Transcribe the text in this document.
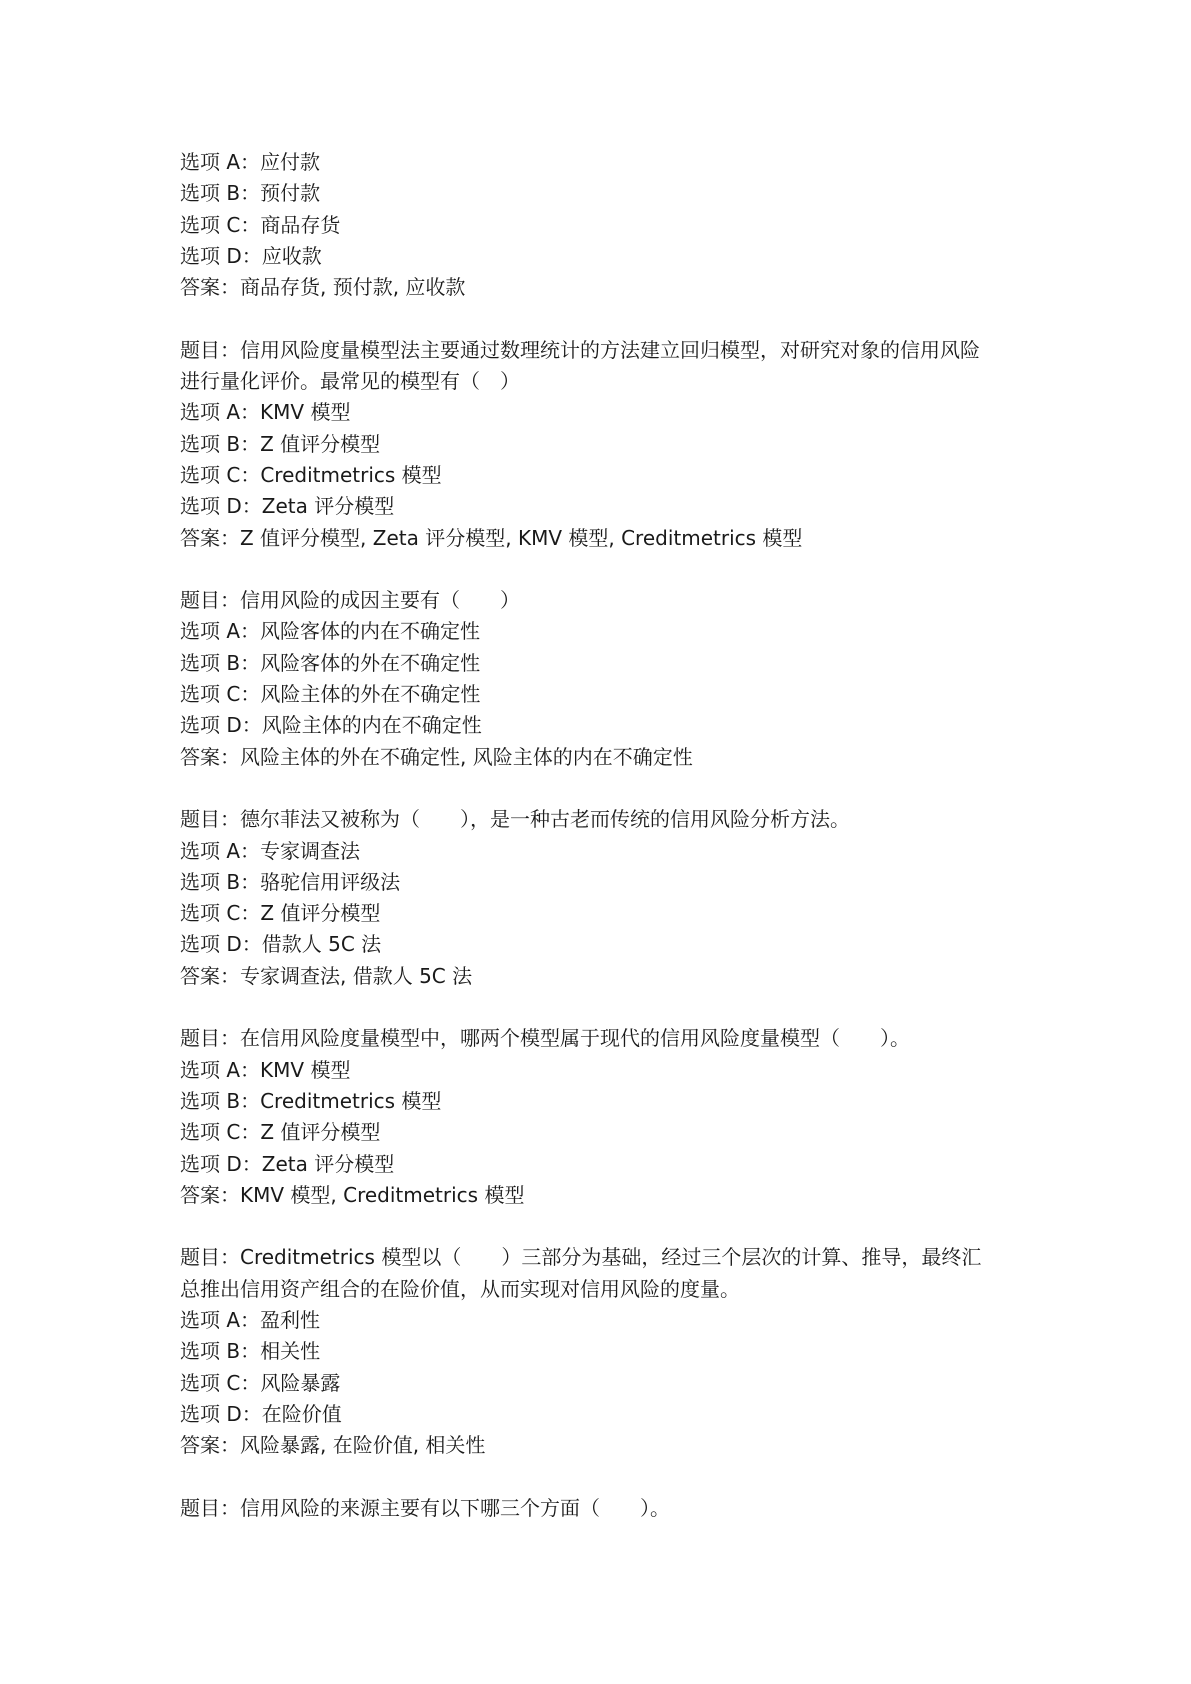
选项 A：应付款
选项 B：预付款
选项 C：商品存货
选项 D：应收款
答案：商品存货, 预付款, 应收款
题目：信用风险度量模型法主要通过数理统计的方法建立回归模型，对研究对象的信用风险
进行量化评价。最常见的模型有（　）
选项 A：KMV 模型
选项 B：Z 值评分模型
选项 C：Creditmetrics 模型
选项 D：Zeta 评分模型
答案：Z 值评分模型, Zeta 评分模型, KMV 模型, Creditmetrics 模型
题目：信用风险的成因主要有（　　）
选项 A：风险客体的内在不确定性
选项 B：风险客体的外在不确定性
选项 C：风险主体的外在不确定性
选项 D：风险主体的内在不确定性
答案：风险主体的外在不确定性, 风险主体的内在不确定性
题目：德尔菲法又被称为（　　），是一种古老而传统的信用风险分析方法。
选项 A：专家调查法
选项 B：骆驼信用评级法
选项 C：Z 值评分模型
选项 D：借款人 5C 法
答案：专家调查法, 借款人 5C 法
题目：在信用风险度量模型中，哪两个模型属于现代的信用风险度量模型（　　）。
选项 A：KMV 模型
选项 B：Creditmetrics 模型
选项 C：Z 值评分模型
选项 D：Zeta 评分模型
答案：KMV 模型, Creditmetrics 模型
题目：Creditmetrics 模型以（　　）三部分为基础，经过三个层次的计算、推导，最终汇
总推出信用资产组合的在险价值，从而实现对信用风险的度量。
选项 A：盈利性
选项 B：相关性
选项 C：风险暴露
选项 D：在险价值
答案：风险暴露, 在险价值, 相关性
题目：信用风险的来源主要有以下哪三个方面（　　）。
